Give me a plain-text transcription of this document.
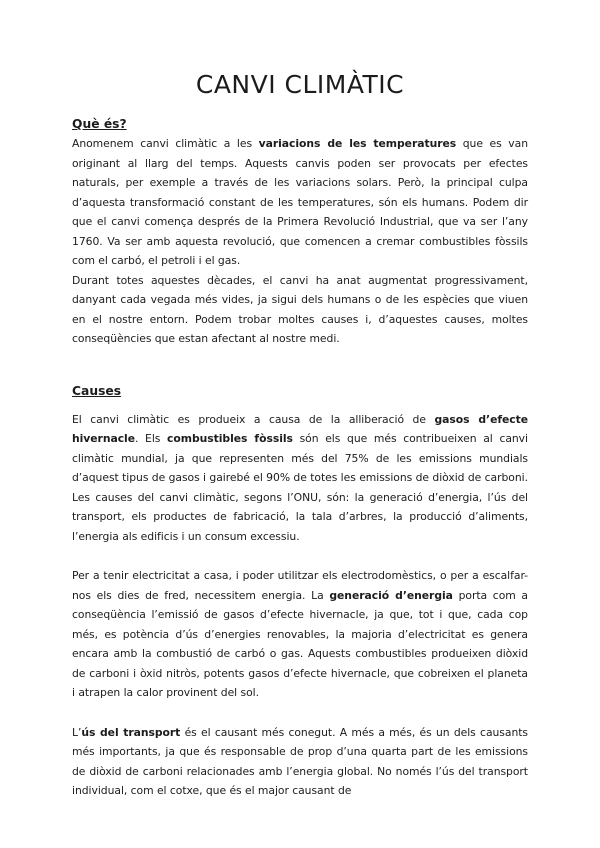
CANVI CLIMÀTIC
Què és?

Anomenem canvi climàtic a les variacions de les temperatures que es van originant al llarg del temps. Aquests canvis poden ser provocats per efectes naturals, per exemple a través de les variacions solars. Però, la principal culpa d’aquesta transformació constant de les temperatures, són els humans. Podem dir que el canvi comença després de la Primera Revolució Industrial, que va ser l’any 1760. Va ser amb aquesta revolució, que comencen a cremar combustibles fòssils com el carbó, el petroli i el gas.

Durant totes aquestes dècades, el canvi ha anat augmentat progressivament, danyant cada vegada més vides, ja sigui dels humans o de les espècies que viuen en el nostre entorn. Podem trobar moltes causes i, d’aquestes causes, moltes conseqüències que estan afectant al nostre medi.

Causes

El canvi climàtic es produeix a causa de la alliberació de gasos d’efecte hivernacle. Els combustibles fòssils són els que més contribueixen al canvi climàtic mundial, ja que representen més del 75% de les emissions mundials d’aquest tipus de gasos i gairebé el 90% de totes les emissions de diòxid de carboni. Les causes del canvi climàtic, segons l’ONU, són: la generació d’energia, l’ús del transport, els productes de fabricació, la tala d’arbres, la producció d’aliments, l’energia als edificis i un consum excessiu.

Per a tenir electricitat a casa, i poder utilitzar els electrodomèstics, o per a escalfar-nos els dies de fred, necessitem energia. La generació d’energia porta com a conseqüència l’emissió de gasos d’efecte hivernacle, ja que, tot i que, cada cop més, es potència d’ús d’energies renovables, la majoria d’electricitat es genera encara amb la combustió de carbó o gas. Aquests combustibles produeixen diòxid de carboni i òxid nitròs, potents gasos d’efecte hivernacle, que cobreixen el planeta i atrapen la calor provinent del sol.

L’ús del transport és el causant més conegut. A més a més, és un dels causants més importants, ja que és responsable de prop d’una quarta part de les emissions de diòxid de carboni relacionades amb l’energia global. No només l’ús del transport individual, com el cotxe, que és el major causant de
